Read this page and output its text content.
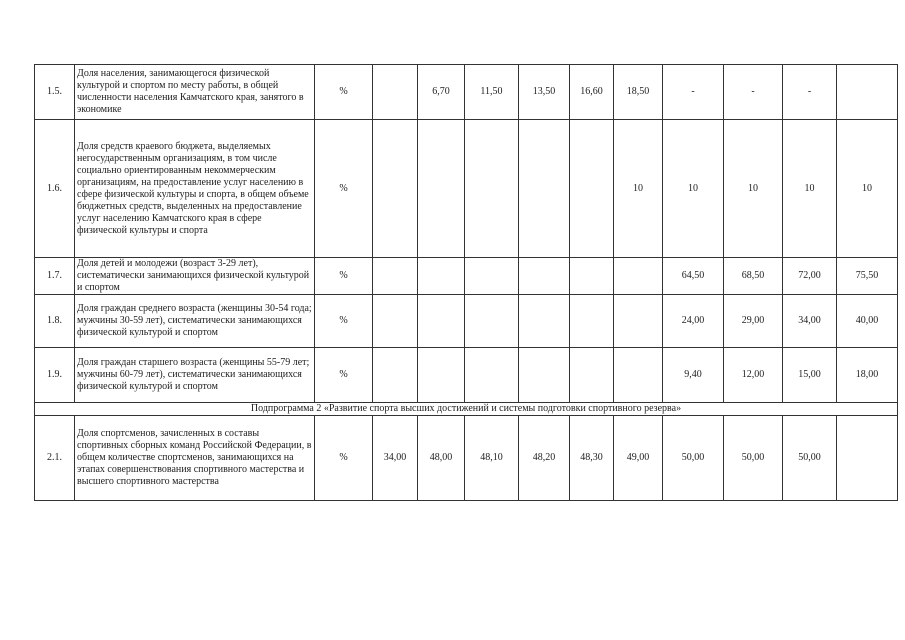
1.5.	Доля населения, занимающегося физической культурой и спортом по месту работы, в общей численности населения Камчатского края, занятого в экономике	%		6,70	11,50	13,50	16,60	18,50	-	-	-	
1.6.	Доля средств краевого бюджета, выделяемых негосударственным организациям, в том числе социально ориентированным некоммерческим организациям, на предоставление услуг населению в сфере физической культуры и спорта, в общем объеме бюджетных средств, выделенных на предоставление услуг населению Камчатского края в сфере физической культуры и спорта	%						10	10	10	10	10
1.7.	Доля детей и молодежи (возраст 3-29 лет), систематически занимающихся физической культурой и спортом	%							64,50	68,50	72,00	75,50
1.8.	Доля граждан среднего возраста (женщины 30-54 года; мужчины 30-59 лет), систематически занимающихся физической культурой и спортом	%							24,00	29,00	34,00	40,00
1.9.	Доля граждан старшего возраста (женщины 55-79 лет; мужчины 60-79 лет), систематически занимающихся физической культурой и спортом	%							9,40	12,00	15,00	18,00
Подпрограмма 2 «Развитие спорта высших достижений и системы подготовки спортивного резерва»												
2.1.	Доля спортсменов, зачисленных в составы спортивных сборных команд Российской Федерации, в общем количестве спортсменов, занимающихся на этапах совершенствования спортивного мастерства и высшего спортивного мастерства	%	34,00	48,00	48,10	48,20	48,30	49,00	50,00	50,00	50,00	
